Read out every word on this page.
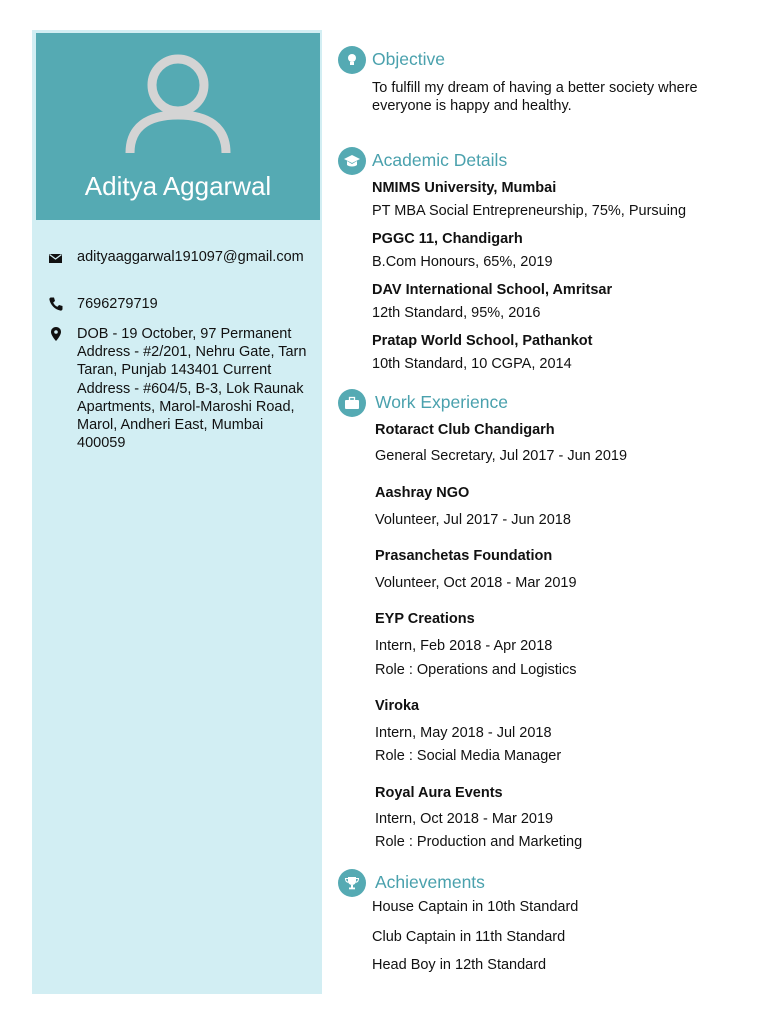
Aditya Aggarwal
adityaaggarwal191097@gmail.com
7696279719
DOB - 19 October, 97 Permanent Address - #2/201, Nehru Gate, Tarn Taran, Punjab 143401 Current Address - #604/5, B-3, Lok Raunak Apartments, Marol-Maroshi Road, Marol, Andheri East, Mumbai 400059
Objective
To fulfill my dream of having a better society where everyone is happy and healthy.
Academic Details
NMIMS University, Mumbai
PT MBA Social Entrepreneurship, 75%, Pursuing
PGGC 11, Chandigarh
B.Com Honours, 65%, 2019
DAV International School, Amritsar
12th Standard, 95%, 2016
Pratap World School, Pathankot
10th Standard, 10 CGPA, 2014
Work Experience
Rotaract Club Chandigarh
General Secretary, Jul 2017 - Jun 2019
Aashray NGO
Volunteer, Jul 2017 - Jun 2018
Prasanchetas Foundation
Volunteer, Oct 2018 - Mar 2019
EYP Creations
Intern, Feb 2018 - Apr 2018
Role : Operations and Logistics
Viroka
Intern, May 2018 - Jul 2018
Role : Social Media Manager
Royal Aura Events
Intern, Oct 2018 - Mar 2019
Role : Production and Marketing
Achievements
House Captain in 10th Standard
Club Captain in 11th Standard
Head Boy in 12th Standard
